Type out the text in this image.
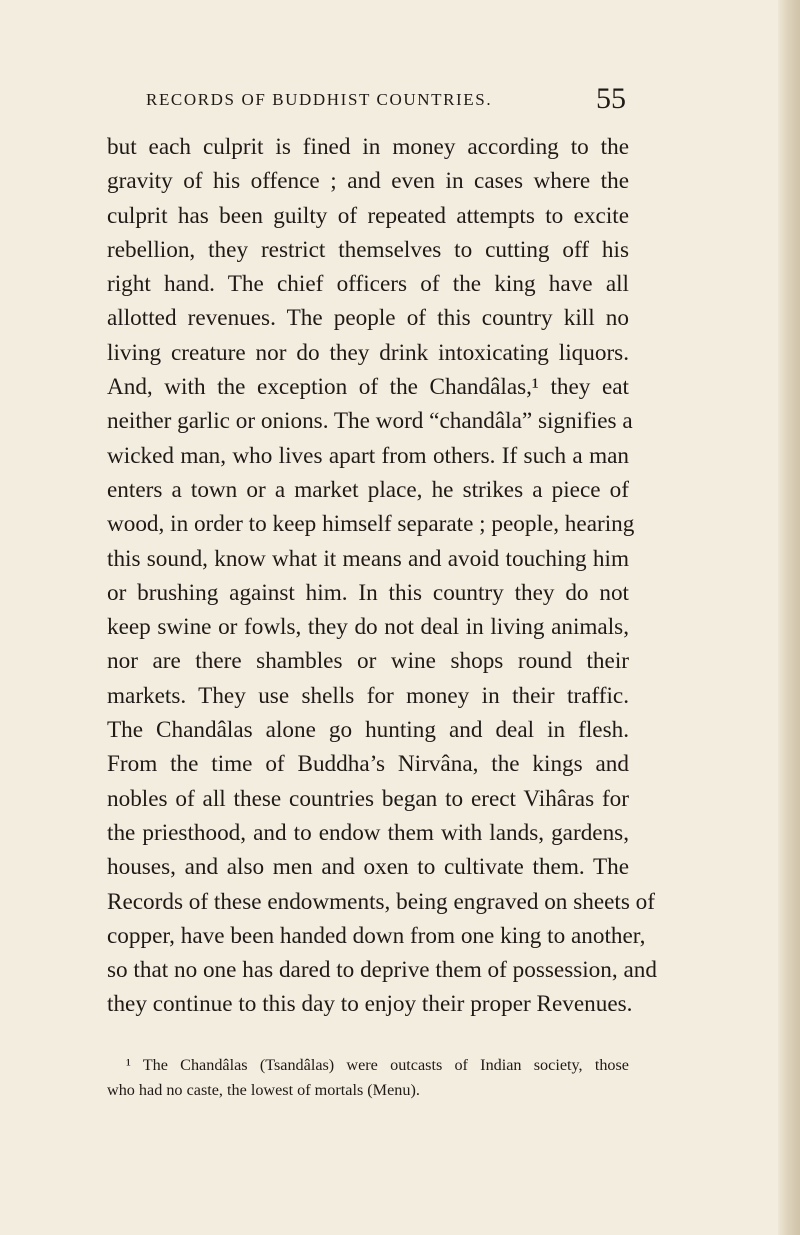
RECORDS OF BUDDHIST COUNTRIES.	55
but each culprit is fined in money according to the
gravity of his offence ; and even in cases where the
culprit has been guilty of repeated attempts to excite
rebellion, they restrict themselves to cutting off his
right hand. The chief officers of the king have all
allotted revenues. The people of this country kill no
living creature nor do they drink intoxicating liquors.
And, with the exception of the Chandâlas,¹ they eat
neither garlic or onions. The word “chandâla” signifies a
wicked man, who lives apart from others. If such a man
enters a town or a market place, he strikes a piece of
wood, in order to keep himself separate ; people, hearing
this sound, know what it means and avoid touching him
or brushing against him. In this country they do not
keep swine or fowls, they do not deal in living animals,
nor are there shambles or wine shops round their
markets. They use shells for money in their traffic.
The Chandâlas alone go hunting and deal in flesh.
From the time of Buddha’s Nirvâna, the kings and
nobles of all these countries began to erect Vihâras for
the priesthood, and to endow them with lands, gardens,
houses, and also men and oxen to cultivate them. The
Records of these endowments, being engraved on sheets of
copper, have been handed down from one king to another,
so that no one has dared to deprive them of possession, and
they continue to this day to enjoy their proper Revenues.
¹ The Chandâlas (Tsandâlas) were outcasts of Indian society, those
who had no caste, the lowest of mortals (Menu).
